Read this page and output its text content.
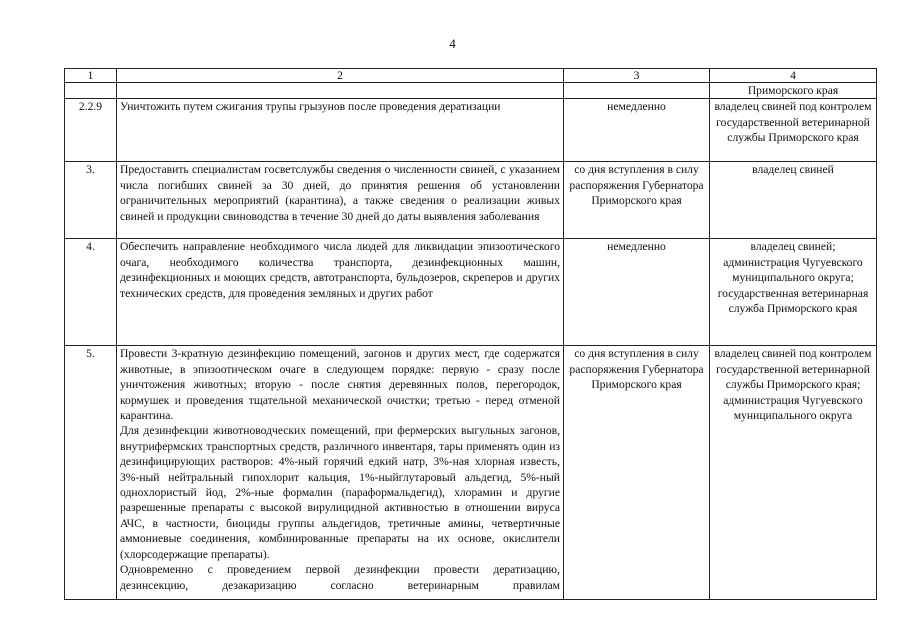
4
1	2	3	4
			Приморского края
2.2.9	Уничтожить путем сжигания трупы грызунов после проведения дератизации	немедленно	владелец свиней под контролем государственной ветеринарной службы Приморского края
3.	Предоставить специалистам госветслужбы сведения о численности свиней, с указанием числа погибших свиней за 30 дней, до принятия решения об установлении ограничительных мероприятий (карантина), а также сведения о реализации живых свиней и продукции свиноводства в течение 30 дней до даты выявления заболевания	со дня вступления в силу распоряжения Губернатора Приморского края	владелец свиней
4.	Обеспечить направление необходимого числа людей для ликвидации эпизоотического очага, необходимого количества транспорта, дезинфекционных машин, дезинфекционных и моющих средств, автотранспорта, бульдозеров, скреперов и других технических средств, для проведения земляных и других работ	немедленно	владелец свиней; администрация Чугуевского муниципального округа; государственная ветеринарная служба Приморского края
5.	Провести 3-кратную дезинфекцию помещений, загонов и других мест, где содержатся животные, в эпизоотическом очаге в следующем порядке: первую - сразу после уничтожения животных; вторую - после снятия деревянных полов, перегородок, кормушек и проведения тщательной механической очистки; третью - перед отменой карантина.
Для дезинфекции животноводческих помещений, при фермерских выгульных загонов, внутрифермских транспортных средств, различного инвентаря, тары применять один из дезинфицирующих растворов: 4%-ный горячий едкий натр, 3%-ная хлорная известь, 3%-ный нейтральный гипохлорит кальция, 1%-ныйглутаровый альдегид, 5%-ный однохлористый йод, 2%-ные формалин (параформальдегид), хлорамин и другие разрешенные препараты с высокой вирулицидной активностью в отношении вируса АЧС, в частности, биоциды группы альдегидов, третичные амины, четвертичные аммониевые соединения, комбинированные препараты на их основе, окислители (хлорсодержащие препараты).
Одновременно с проведением первой дезинфекции провести дератизацию, дезинсекцию, дезакаризацию согласно ветеринарным правилам	со дня вступления в силу распоряжения Губернатора Приморского края	владелец свиней под контролем государственной ветеринарной службы Приморского края; администрация Чугуевского муниципального округа
